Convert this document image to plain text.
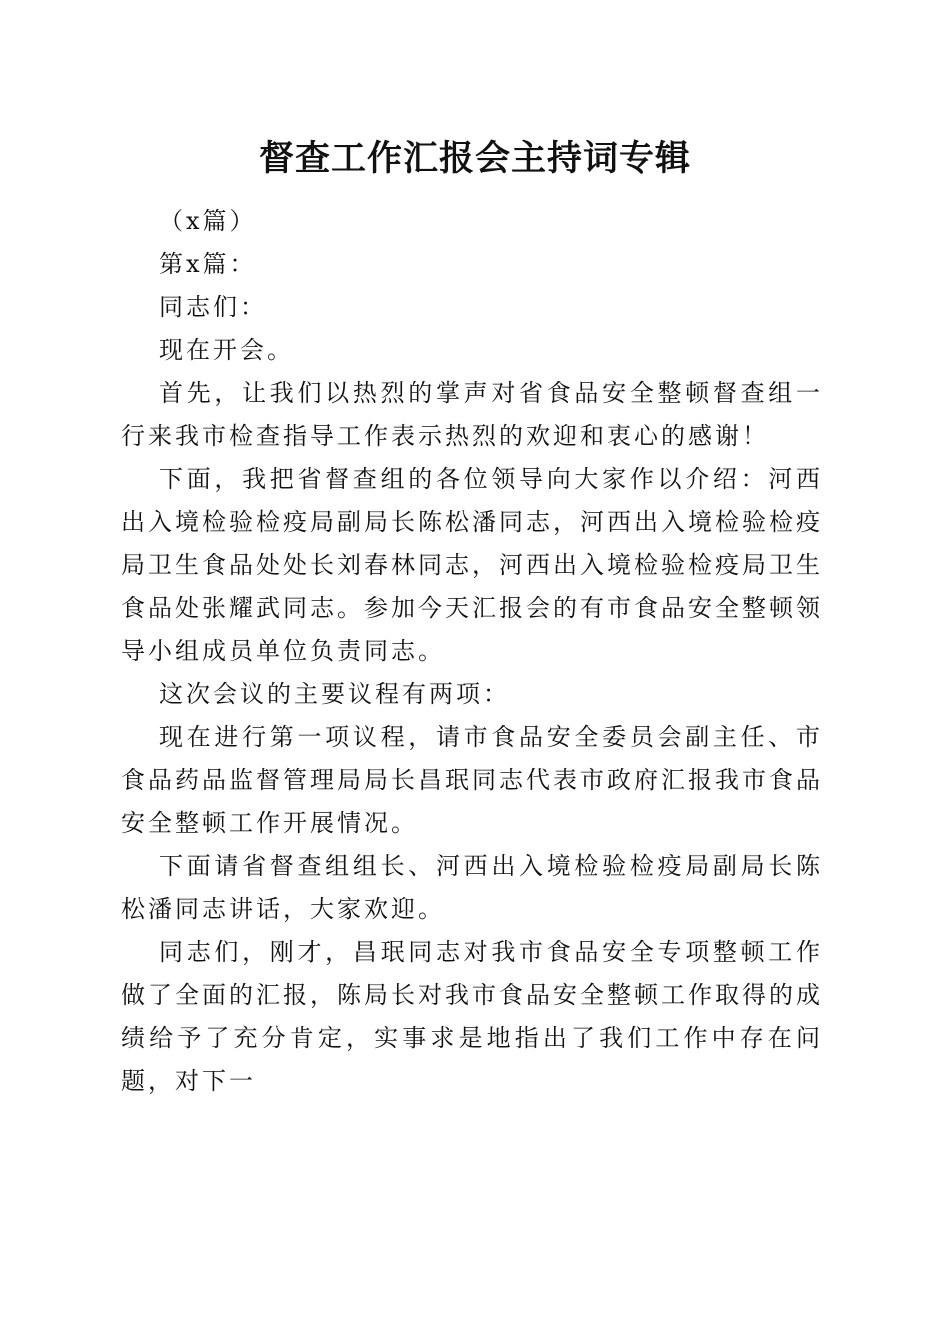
督查工作汇报会主持词专辑

（x篇）

第x篇：

同志们：

现在开会。

首先，让我们以热烈的掌声对省食品安全整顿督查组一行来我市检查指导工作表示热烈的欢迎和衷心的感谢！

下面，我把省督查组的各位领导向大家作以介绍：河西出入境检验检疫局副局长陈松潘同志，河西出入境检验检疫局卫生食品处处长刘春林同志，河西出入境检验检疫局卫生食品处张耀武同志。参加今天汇报会的有市食品安全整顿领导小组成员单位负责同志。

这次会议的主要议程有两项：

现在进行第一项议程，请市食品安全委员会副主任、市食品药品监督管理局局长昌珉同志代表市政府汇报我市食品安全整顿工作开展情况。

下面请省督查组组长、河西出入境检验检疫局副局长陈松潘同志讲话，大家欢迎。

同志们，刚才，昌珉同志对我市食品安全专项整顿工作做了全面的汇报，陈局长对我市食品安全整顿工作取得的成绩给予了充分肯定，实事求是地指出了我们工作中存在问题，对下一
